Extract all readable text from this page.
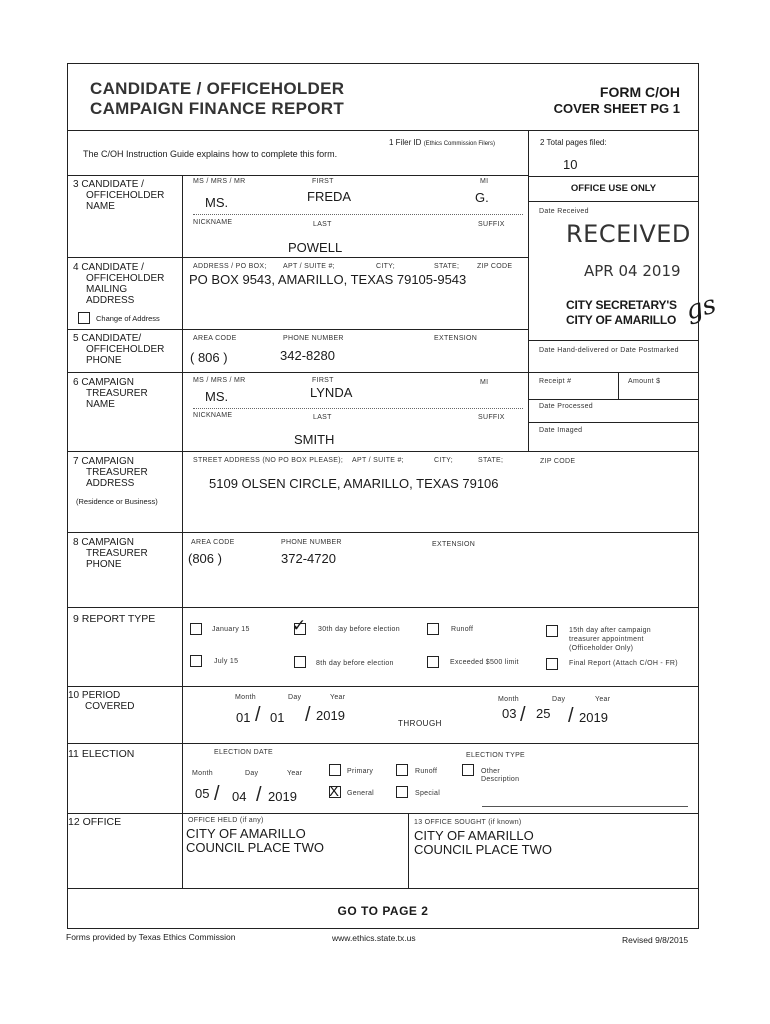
CANDIDATE / OFFICEHOLDER
CAMPAIGN FINANCE REPORT
FORM C/OH
COVER SHEET PG 1
The C/OH Instruction Guide explains how to complete this form.
1 Filer ID (Ethics Commission Filers)	2 Total pages filed:
10
OFFICE USE ONLY
Date Received
RECEIVED
APR 04 2019
CITY SECRETARY'S
CITY OF AMARILLO gs
Date Hand-delivered or Date Postmarked
Receipt #	Amount $
Date Processed
Date Imaged
3 CANDIDATE /
OFFICEHOLDER
NAME
MS / MRS / MR	FIRST	MI
MS.	FREDA	G.
NICKNAME	LAST	SUFFIX
POWELL
4 CANDIDATE /
OFFICEHOLDER
MAILING
ADDRESS
Change of Address
ADDRESS / PO BOX; APT / SUITE #;	CITY;	STATE;	ZIP CODE
PO BOX 9543, AMARILLO, TEXAS 79105-9543
5 CANDIDATE/
OFFICEHOLDER
PHONE
AREA CODE	PHONE NUMBER	EXTENSION
( 806 )	342-8280
6 CAMPAIGN
TREASURER
NAME
MS / MRS / MR	FIRST	MI
MS.	LYNDA
NICKNAME	LAST	SUFFIX
SMITH
7 CAMPAIGN
TREASURER
ADDRESS
(Residence or Business)
STREET ADDRESS (NO PO BOX PLEASE); APT / SUITE #;	CITY;	STATE;	ZIP CODE
5109 OLSEN CIRCLE, AMARILLO, TEXAS 79106
8 CAMPAIGN
TREASURER
PHONE
AREA CODE	PHONE NUMBER	EXTENSION
(806 )	372-4720
9 REPORT TYPE
January 15 ✓ 30th day before election	Runoff	15th day after campaign
treasurer appointment
(Officeholder Only)
July 15	8th day before election	Exceeded $500 limit	Final Report (Attach C/OH - FR)
10 PERIOD
COVERED
Month	Day	Year
01 / 01 / 2019
THROUGH
Month	Day	Year
03 / 25 / 2019
11 ELECTION	ELECTION DATE
Month	Day	Year
05 / 04 / 2019
ELECTION TYPE
Primary	Runoff	Other
Description
X General	Special
12 OFFICE	OFFICE HELD (if any)
CITY OF AMARILLO
COUNCIL PLACE TWO
13 OFFICE SOUGHT (if known)
CITY OF AMARILLO
COUNCIL PLACE TWO
GO TO PAGE 2
Forms provided by Texas Ethics Commission	www.ethics.state.tx.us	Revised 9/8/2015
